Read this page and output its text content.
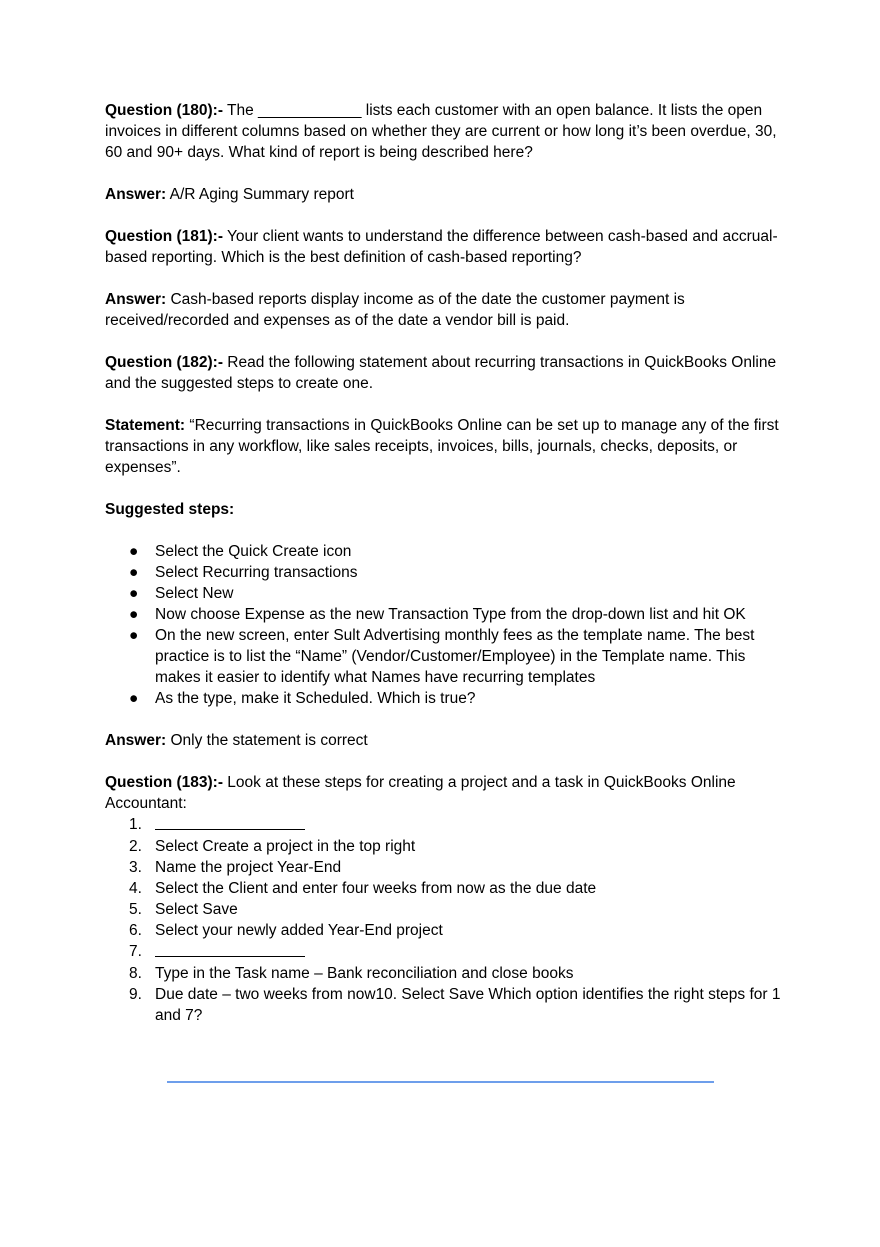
Question (180):- The ____________ lists each customer with an open balance. It lists the open invoices in different columns based on whether they are current or how long it’s been overdue, 30, 60 and 90+ days. What kind of report is being described here?

Answer: A/R Aging Summary report

Question (181):- Your client wants to understand the difference between cash-based and accrual-based reporting. Which is the best definition of cash-based reporting?

Answer: Cash-based reports display income as of the date the customer payment is received/recorded and expenses as of the date a vendor bill is paid.

Question (182):- Read the following statement about recurring transactions in QuickBooks Online and the suggested steps to create one.

Statement: “Recurring transactions in QuickBooks Online can be set up to manage any of the first transactions in any workflow, like sales receipts, invoices, bills, journals, checks, deposits, or expenses”.

Suggested steps:

● Select the Quick Create icon
● Select Recurring transactions
● Select New
● Now choose Expense as the new Transaction Type from the drop-down list and hit OK
● On the new screen, enter Sult Advertising monthly fees as the template name. The best practice is to list the “Name” (Vendor/Customer/Employee) in the Template name. This makes it easier to identify what Names have recurring templates
● As the type, make it Scheduled. Which is true?

Answer: Only the statement is correct

Question (183):- Look at these steps for creating a project and a task in QuickBooks Online Accountant:

1.
2. Select Create a project in the top right
3. Name the project Year-End
4. Select the Client and enter four weeks from now as the due date
5. Select Save
6. Select your newly added Year-End project
7.
8. Type in the Task name – Bank reconciliation and close books
9. Due date – two weeks from now10. Select Save Which option identifies the right steps for 1 and 7?
